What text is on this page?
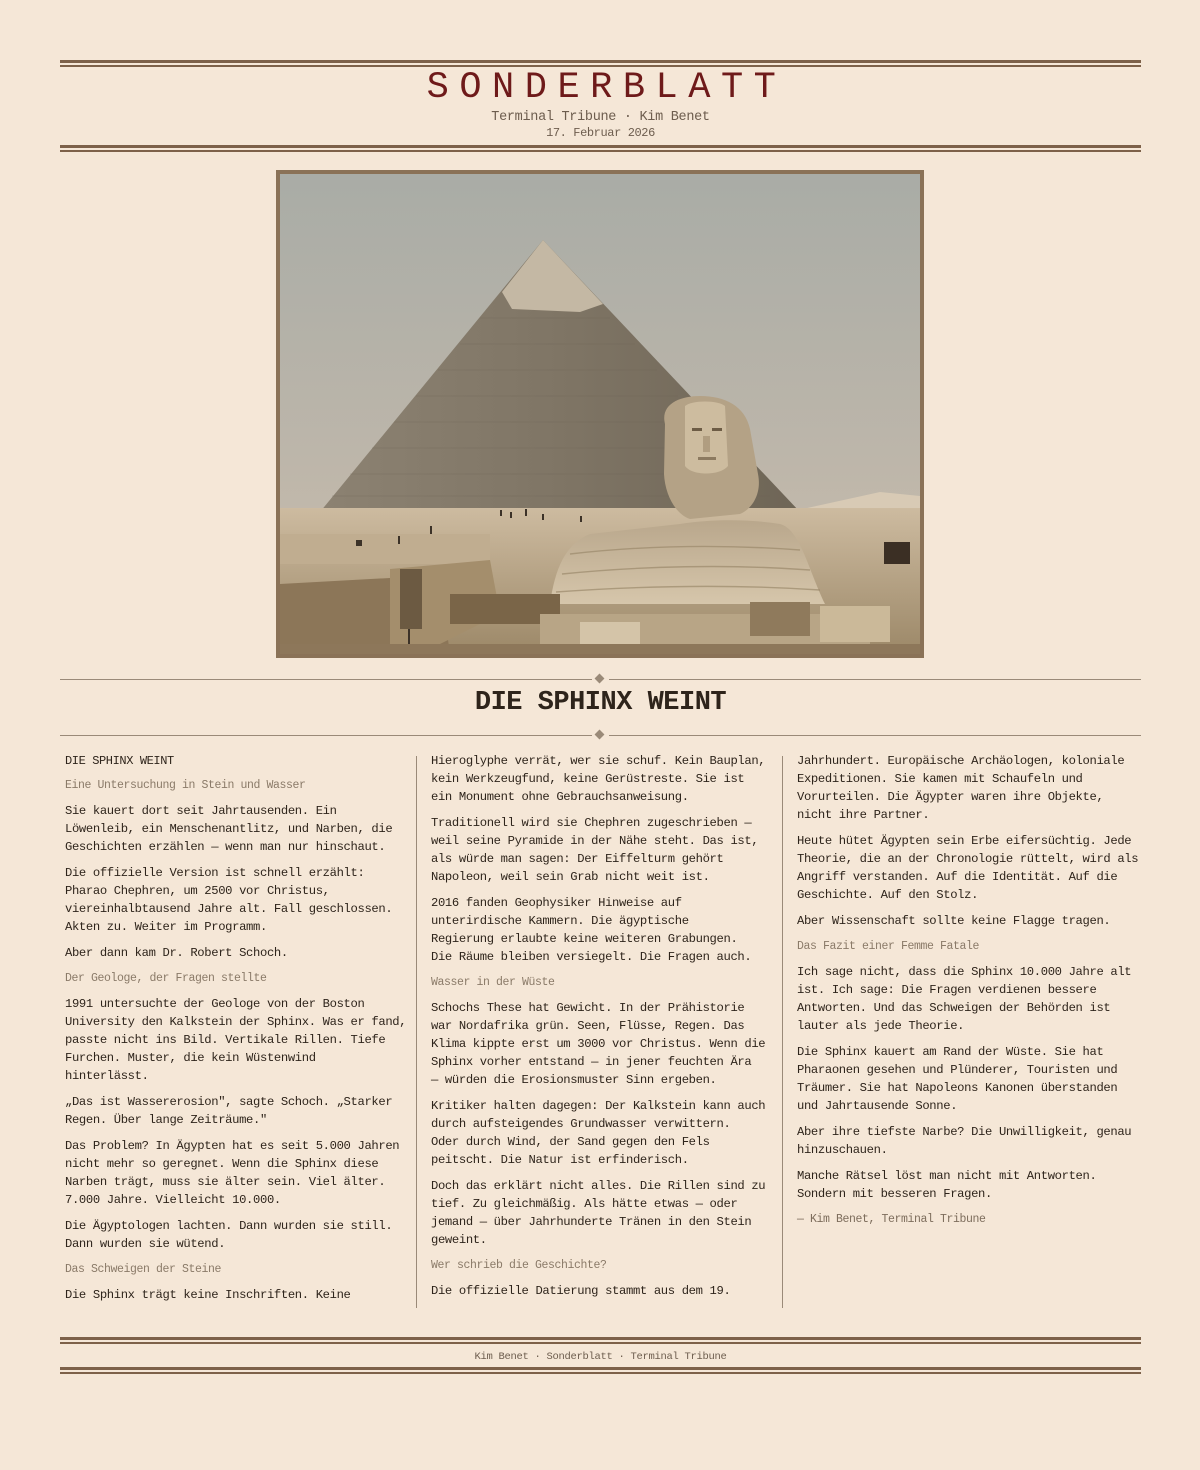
SONDERBLATT
Terminal Tribune · Kim Benet
17. Februar 2026
DIE SPHINX WEINT
DIE SPHINX WEINT
Eine Untersuchung in Stein und Wasser
Sie kauert dort seit Jahrtausenden. Ein
Löwenleib, ein Menschenantlitz, und Narben, die
Geschichten erzählen — wenn man nur hinschaut.
Die offizielle Version ist schnell erzählt:
Pharao Chephren, um 2500 vor Christus,
viereinhalbtausend Jahre alt. Fall geschlossen.
Akten zu. Weiter im Programm.
Aber dann kam Dr. Robert Schoch.
Der Geologe, der Fragen stellte
1991 untersuchte der Geologe von der Boston
University den Kalkstein der Sphinx. Was er fand,
passte nicht ins Bild. Vertikale Rillen. Tiefe
Furchen. Muster, die kein Wüstenwind
hinterlässt.
„Das ist Wassererosion", sagte Schoch. „Starker
Regen. Über lange Zeiträume."
Das Problem? In Ägypten hat es seit 5.000 Jahren
nicht mehr so geregnet. Wenn die Sphinx diese
Narben trägt, muss sie älter sein. Viel älter.
7.000 Jahre. Vielleicht 10.000.
Die Ägyptologen lachten. Dann wurden sie still.
Dann wurden sie wütend.
Das Schweigen der Steine
Die Sphinx trägt keine Inschriften. Keine
Hieroglyphe verrät, wer sie schuf. Kein Bauplan,
kein Werkzeugfund, keine Gerüstreste. Sie ist
ein Monument ohne Gebrauchsanweisung.
Traditionell wird sie Chephren zugeschrieben —
weil seine Pyramide in der Nähe steht. Das ist,
als würde man sagen: Der Eiffelturm gehört
Napoleon, weil sein Grab nicht weit ist.
2016 fanden Geophysiker Hinweise auf
unterirdische Kammern. Die ägyptische
Regierung erlaubte keine weiteren Grabungen.
Die Räume bleiben versiegelt. Die Fragen auch.
Wasser in der Wüste
Schochs These hat Gewicht. In der Prähistorie
war Nordafrika grün. Seen, Flüsse, Regen. Das
Klima kippte erst um 3000 vor Christus. Wenn die
Sphinx vorher entstand — in jener feuchten Ära
— würden die Erosionsmuster Sinn ergeben.
Kritiker halten dagegen: Der Kalkstein kann auch
durch aufsteigendes Grundwasser verwittern.
Oder durch Wind, der Sand gegen den Fels
peitscht. Die Natur ist erfinderisch.
Doch das erklärt nicht alles. Die Rillen sind zu
tief. Zu gleichmäßig. Als hätte etwas — oder
jemand — über Jahrhunderte Tränen in den Stein
geweint.
Wer schrieb die Geschichte?
Die offizielle Datierung stammt aus dem 19.
Jahrhundert. Europäische Archäologen, koloniale
Expeditionen. Sie kamen mit Schaufeln und
Vorurteilen. Die Ägypter waren ihre Objekte,
nicht ihre Partner.
Heute hütet Ägypten sein Erbe eifersüchtig. Jede
Theorie, die an der Chronologie rüttelt, wird als
Angriff verstanden. Auf die Identität. Auf die
Geschichte. Auf den Stolz.
Aber Wissenschaft sollte keine Flagge tragen.
Das Fazit einer Femme Fatale
Ich sage nicht, dass die Sphinx 10.000 Jahre alt
ist. Ich sage: Die Fragen verdienen bessere
Antworten. Und das Schweigen der Behörden ist
lauter als jede Theorie.
Die Sphinx kauert am Rand der Wüste. Sie hat
Pharaonen gesehen und Plünderer, Touristen und
Träumer. Sie hat Napoleons Kanonen überstanden
und Jahrtausende Sonne.
Aber ihre tiefste Narbe? Die Unwilligkeit, genau
hinzuschauen.
Manche Rätsel löst man nicht mit Antworten.
Sondern mit besseren Fragen.
— Kim Benet, Terminal Tribune
Kim Benet · Sonderblatt · Terminal Tribune
